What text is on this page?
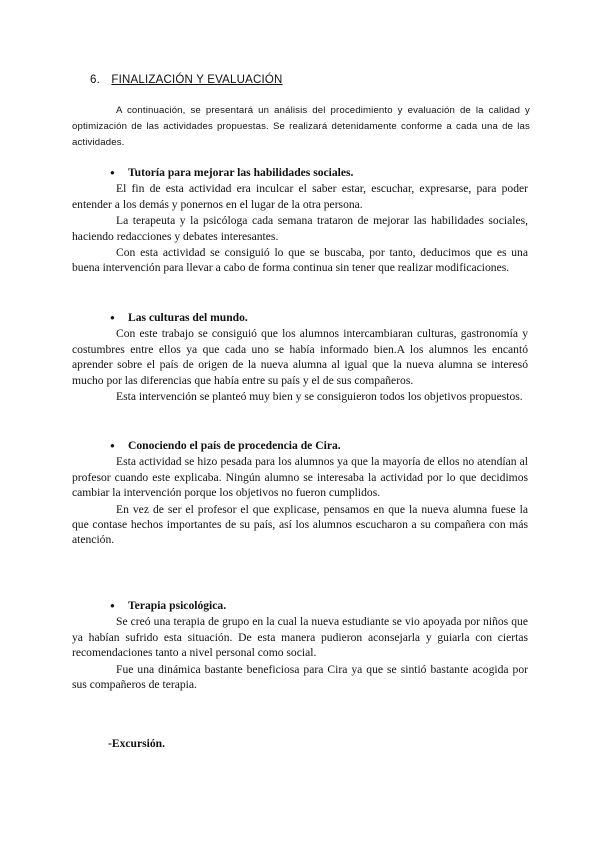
6. FINALIZACIÓN Y EVALUACIÓN
A continuación, se presentará un análisis del procedimiento y evaluación de la calidad y optimización de las actividades propuestas. Se realizará detenidamente conforme a cada una de las actividades.
● Tutoría para mejorar las habilidades sociales.

El fin de esta actividad era inculcar el saber estar, escuchar, expresarse, para poder entender a los demás y ponernos en el lugar de la otra persona.

La terapeuta y la psicóloga cada semana trataron de mejorar las habilidades sociales, haciendo redacciones y debates interesantes.

Con esta actividad se consiguió lo que se buscaba, por tanto, deducimos que es una buena intervención para llevar a cabo de forma continua sin tener que realizar modificaciones.

● Las culturas del mundo.

Con este trabajo se consiguió que los alumnos intercambiaran culturas, gastronomía y costumbres entre ellos ya que cada uno se había informado bien.A los alumnos les encantó aprender sobre el país de origen de la nueva alumna al igual que la nueva alumna se interesó mucho por las diferencias que había entre su país y el de sus compañeros.

Esta intervención se planteó muy bien y se consiguieron todos los objetivos propuestos.

● Conociendo el país de procedencia de Cira.

Esta actividad se hizo pesada para los alumnos ya que la mayoría de ellos no atendían al profesor cuando este explicaba. Ningún alumno se interesaba la actividad por lo que decidimos cambiar la intervención porque los objetivos no fueron cumplidos.

En vez de ser el profesor el que explicase, pensamos en que la nueva alumna fuese la que contase hechos importantes de su país, así los alumnos escucharon a su compañera con más atención.

● Terapia psicológica.

Se creó una terapia de grupo en la cual la nueva estudiante se vio apoyada por niños que ya habían sufrido esta situación. De esta manera pudieron aconsejarla y guiarla con ciertas recomendaciones tanto a nivel personal como social.

Fue una dinámica bastante beneficiosa para Cira ya que se sintió bastante acogida por sus compañeros de terapia.

-Excursión.
